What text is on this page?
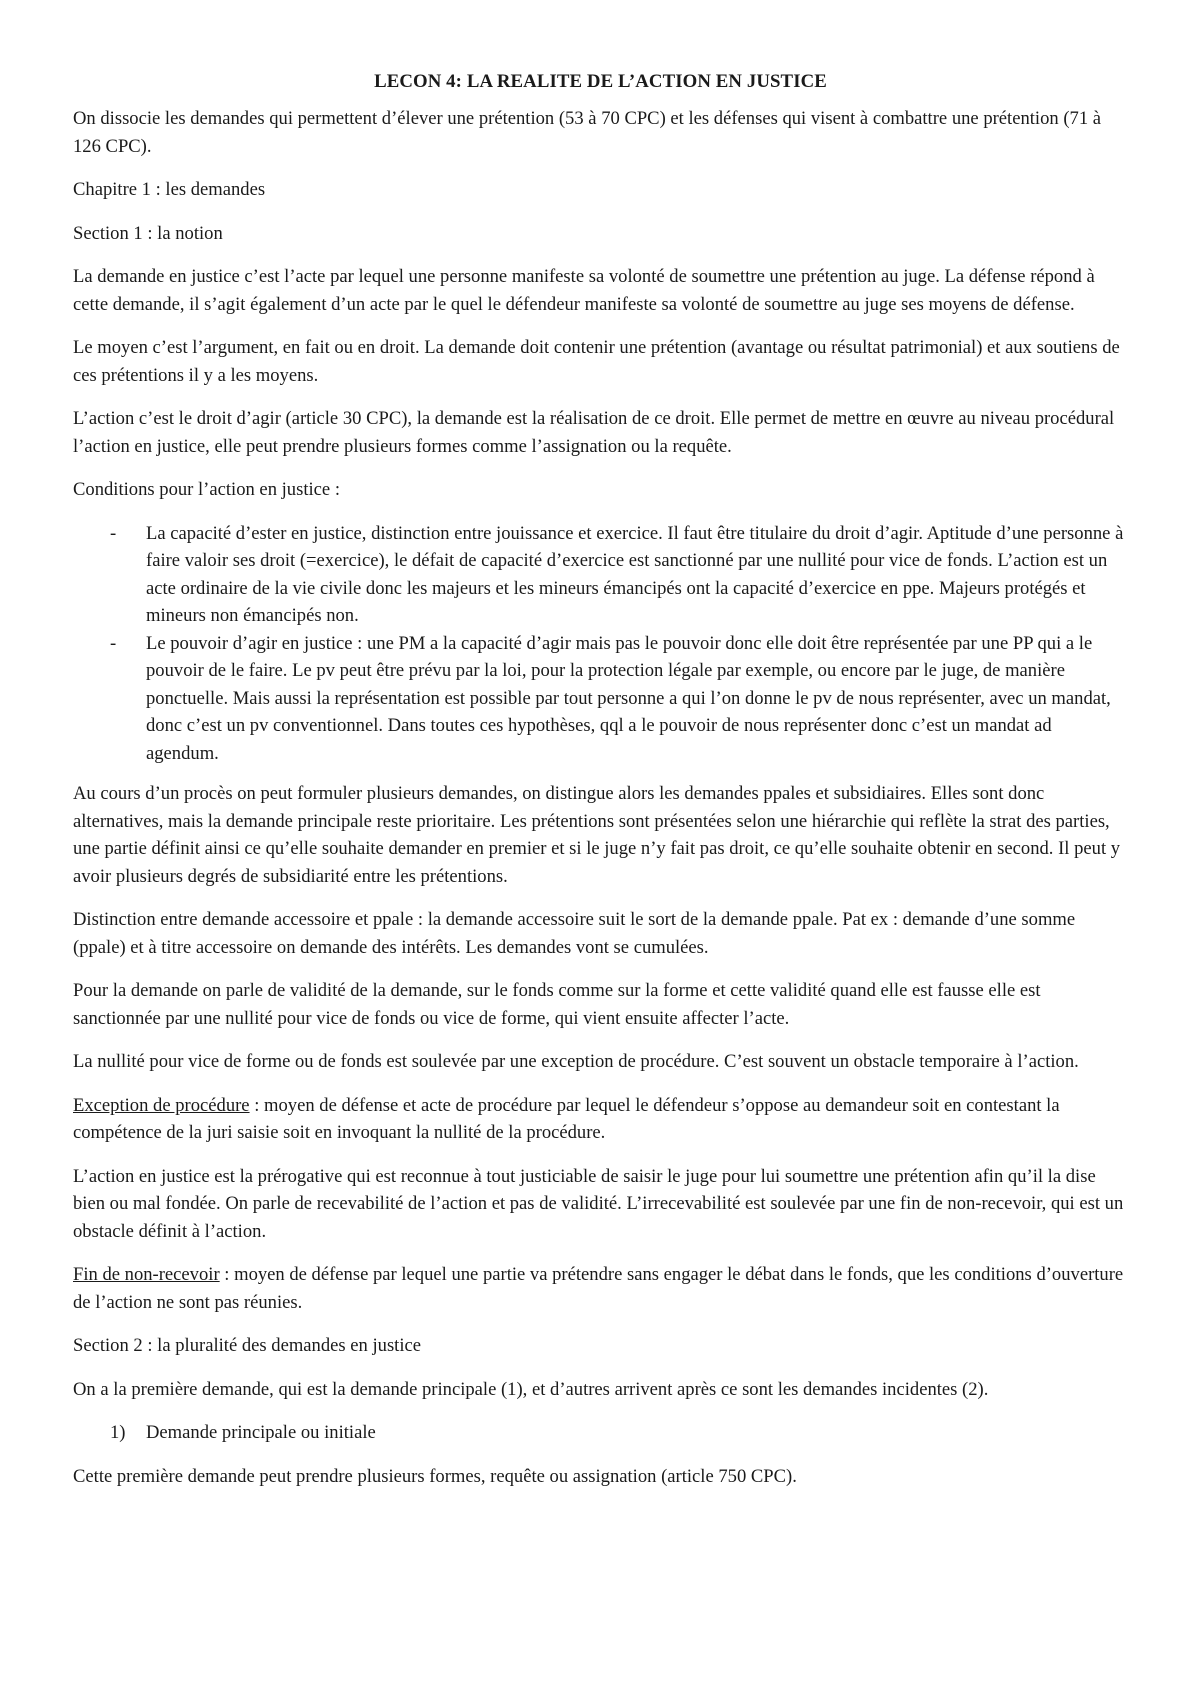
LECON 4: LA REALITE DE L’ACTION EN JUSTICE

On dissocie les demandes qui permettent d’élever une prétention (53 à 70 CPC) et les défenses qui visent à combattre une prétention (71 à 126 CPC).

Chapitre 1 : les demandes

Section 1 : la notion

La demande en justice c’est l’acte par lequel une personne manifeste sa volonté de soumettre une prétention au juge. La défense répond à cette demande, il s’agit également d’un acte par le quel le défendeur manifeste sa volonté de soumettre au juge ses moyens de défense.

Le moyen c’est l’argument, en fait ou en droit. La demande doit contenir une prétention (avantage ou résultat patrimonial) et aux soutiens de ces prétentions il y a les moyens.

L’action c’est le droit d’agir (article 30 CPC), la demande est la réalisation de ce droit. Elle permet de mettre en œuvre au niveau procédural l’action en justice, elle peut prendre plusieurs formes comme l’assignation ou la requête.

Conditions pour l’action en justice :

- La capacité d’ester en justice, distinction entre jouissance et exercice. Il faut être titulaire du droit d’agir. Aptitude d’une personne à faire valoir ses droit (=exercice), le défait de capacité d’exercice est sanctionné par une nullité pour vice de fonds. L’action est un acte ordinaire de la vie civile donc les majeurs et les mineurs émancipés ont la capacité d’exercice en ppe. Majeurs protégés et mineurs non émancipés non.
- Le pouvoir d’agir en justice : une PM a la capacité d’agir mais pas le pouvoir donc elle doit être représentée par une PP qui a le pouvoir de le faire. Le pv peut être prévu par la loi, pour la protection légale par exemple, ou encore par le juge, de manière ponctuelle. Mais aussi la représentation est possible par tout personne a qui l’on donne le pv de nous représenter, avec un mandat, donc c’est un pv conventionnel. Dans toutes ces hypothèses, qql a le pouvoir de nous représenter donc c’est un mandat ad agendum.

Au cours d’un procès on peut formuler plusieurs demandes, on distingue alors les demandes ppales et subsidiaires. Elles sont donc alternatives, mais la demande principale reste prioritaire. Les prétentions sont présentées selon une hiérarchie qui reflète la strat des parties, une partie définit ainsi ce qu’elle souhaite demander en premier et si le juge n’y fait pas droit, ce qu’elle souhaite obtenir en second. Il peut y avoir plusieurs degrés de subsidiarité entre les prétentions.

Distinction entre demande accessoire et ppale : la demande accessoire suit le sort de la demande ppale. Pat ex : demande d’une somme (ppale) et à titre accessoire on demande des intérêts. Les demandes vont se cumulées.

Pour la demande on parle de validité de la demande, sur le fonds comme sur la forme et cette validité quand elle est fausse elle est sanctionnée par une nullité pour vice de fonds ou vice de forme, qui vient ensuite affecter l’acte.

La nullité pour vice de forme ou de fonds est soulevée par une exception de procédure. C’est souvent un obstacle temporaire à l’action.

Exception de procédure : moyen de défense et acte de procédure par lequel le défendeur s’oppose au demandeur soit en contestant la compétence de la juri saisie soit en invoquant la nullité de la procédure.

L’action en justice est la prérogative qui est reconnue à tout justiciable de saisir le juge pour lui soumettre une prétention afin qu’il la dise bien ou mal fondée. On parle de recevabilité de l’action et pas de validité. L’irrecevabilité est soulevée par une fin de non-recevoir, qui est un obstacle définit à l’action.

Fin de non-recevoir : moyen de défense par lequel une partie va prétendre sans engager le débat dans le fonds, que les conditions d’ouverture de l’action ne sont pas réunies.

Section 2 : la pluralité des demandes en justice

On a la première demande, qui est la demande principale (1), et d’autres arrivent après ce sont les demandes incidentes (2).

1) Demande principale ou initiale

Cette première demande peut prendre plusieurs formes, requête ou assignation (article 750 CPC).
